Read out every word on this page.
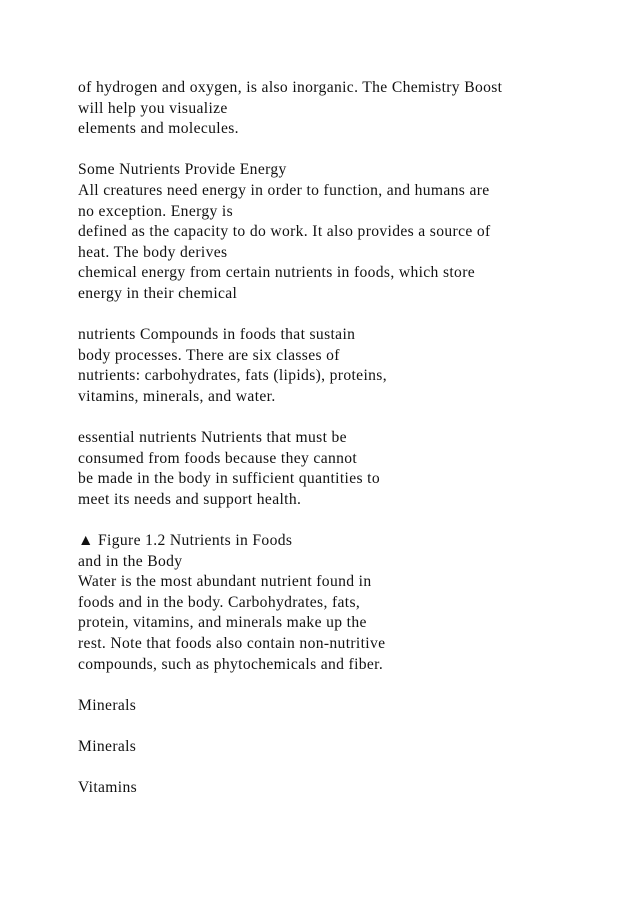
of hydrogen and oxygen, is also inorganic. The Chemistry Boost
will help you visualize
elements and molecules.
Some Nutrients Provide Energy
All creatures need energy in order to function, and humans are
no exception. Energy is
defined as the capacity to do work. It also provides a source of
heat. The body derives
chemical energy from certain nutrients in foods, which store
energy in their chemical
nutrients Compounds in foods that sustain
body processes. There are six classes of
nutrients: carbohydrates, fats (lipids), proteins,
vitamins, minerals, and water.
essential nutrients Nutrients that must be
consumed from foods because they cannot
be made in the body in sufficient quantities to
meet its needs and support health.
▲ Figure 1.2 Nutrients in Foods
and in the Body
Water is the most abundant nutrient found in
foods and in the body. Carbohydrates, fats,
protein, vitamins, and minerals make up the
rest. Note that foods also contain non-nutritive
compounds, such as phytochemicals and fiber.
Minerals
Minerals
Vitamins
